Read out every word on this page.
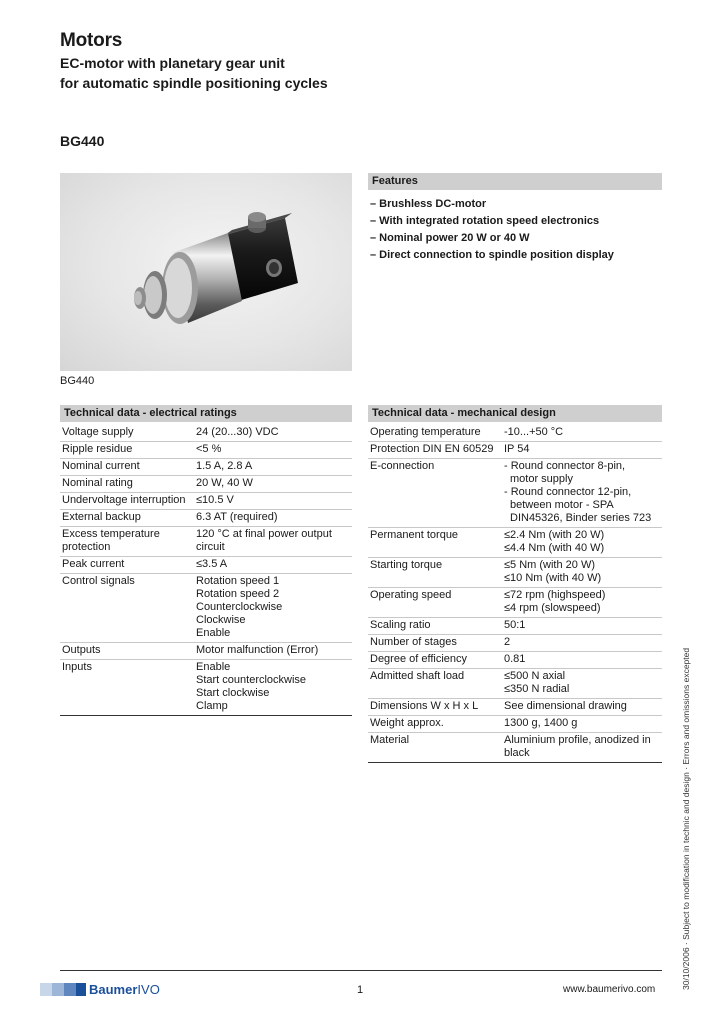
Motors
EC-motor with planetary gear unit
for automatic spindle positioning cycles
BG440
BG440
Features
– Brushless DC-motor
– With integrated rotation speed electronics
– Nominal power 20 W or 40 W
– Direct connection to spindle position display
Technical data - electrical ratings
Voltage supply	24 (20...30) VDC

Ripple residue	<5 %

Nominal current	1.5 A, 2.8 A

Nominal rating	20 W, 40 W

Undervoltage interruption	≤10.5 V

External backup	6.3 AT (required)

Excess temperature
protection	120 °C at final power output
circuit

Peak current	≤3.5 A

Control signals	Rotation speed 1
Rotation speed 2
Counterclockwise
Clockwise
Enable

Outputs	Motor malfunction (Error)

Inputs	Enable
Start counterclockwise
Start clockwise
Clamp
Technical data - mechanical design
Operating temperature	-10...+50 °C

Protection DIN EN 60529	IP 54

E-connection	- Round connector 8-pin,
motor supply
- Round connector 12-pin,
between motor - SPA
DIN45326, Binder series 723

Permanent torque	≤2.4 Nm (with 20 W)
≤4.4 Nm (with 40 W)

Starting torque	≤5 Nm (with 20 W)
≤10 Nm (with 40 W)

Operating speed	≤72 rpm (highspeed)
≤4 rpm (slowspeed)

Scaling ratio	50:1

Number of stages	2

Degree of efficiency	0.81

Admitted shaft load	≤500 N axial
≤350 N radial

Dimensions W x H x L	See dimensional drawing

Weight approx.	1300 g, 1400 g

Material	Aluminium profile, anodized in
black	30/10/2006 · Subject to modification in technic and design · Errors and omissions excepted
BaumerIVO	1	www.baumerivo.com
